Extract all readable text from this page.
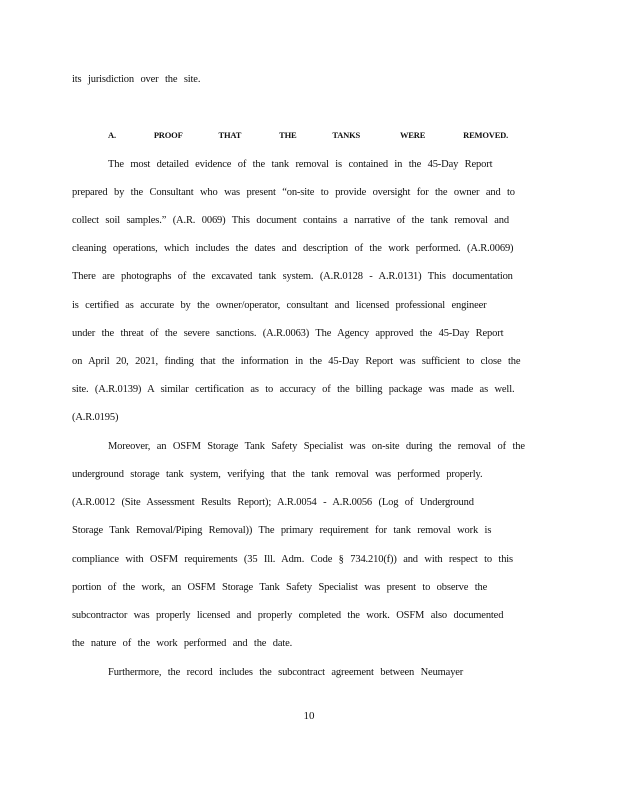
its jurisdiction over the site.
A.	PROOF	THAT	THE	TANKS	WERE	REMOVED.
The most detailed evidence of the tank removal is contained in the 45-Day Report
prepared by the Consultant who was present “on-site to provide oversight for the owner and to
collect soil samples.” (A.R. 0069) This document contains a narrative of the tank removal and
cleaning operations, which includes the dates and description of the work performed. (A.R.0069)
There are photographs of the excavated tank system. (A.R.0128 - A.R.0131) This documentation
is certified as accurate by the owner/operator, consultant and licensed professional engineer
under the threat of the severe sanctions. (A.R.0063) The Agency approved the 45-Day Report
on April 20, 2021, finding that the information in the 45-Day Report was sufficient to close the
site. (A.R.0139) A similar certification as to accuracy of the billing package was made as well.
(A.R.0195)
Moreover, an OSFM Storage Tank Safety Specialist was on-site during the removal of the
underground storage tank system, verifying that the tank removal was performed properly.
(A.R.0012 (Site Assessment Results Report); A.R.0054 - A.R.0056 (Log of Underground
Storage Tank Removal/Piping Removal)) The primary requirement for tank removal work is
compliance with OSFM requirements (35 Ill. Adm. Code § 734.210(f)) and with respect to this
portion of the work, an OSFM Storage Tank Safety Specialist was present to observe the
subcontractor was properly licensed and properly completed the work. OSFM also documented
the nature of the work performed and the date.
Furthermore, the record includes the subcontract agreement between Neumayer
10
